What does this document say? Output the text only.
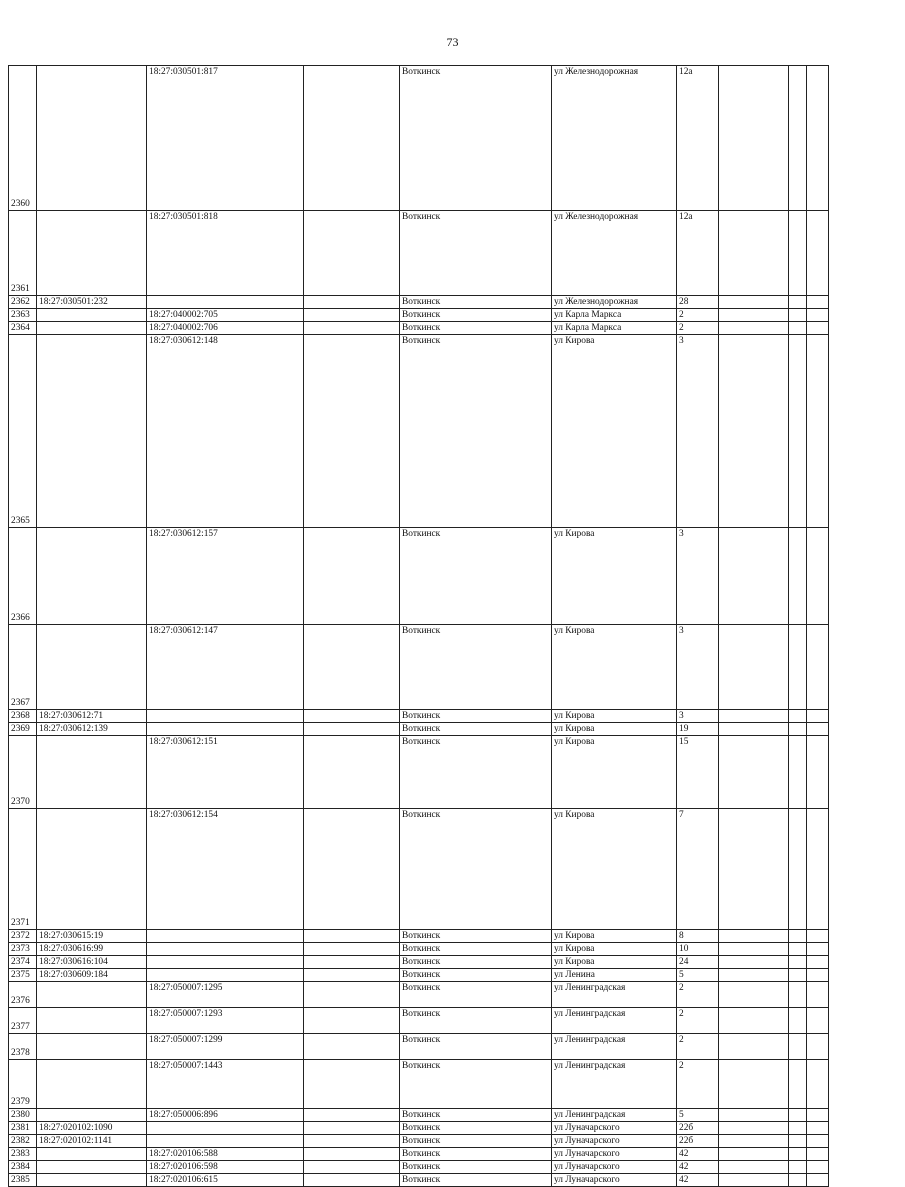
73
2360		18:27:030501:817		Воткинск	ул Железнодорожная	12а				
2361		18:27:030501:818		Воткинск	ул Железнодорожная	12а				
2362	18:27:030501:232			Воткинск	ул Железнодорожная	28				
2363		18:27:040002:705		Воткинск	ул Карла Маркса	2				
2364		18:27:040002:706		Воткинск	ул Карла Маркса	2				
2365		18:27:030612:148		Воткинск	ул Кирова	3				
2366		18:27:030612:157		Воткинск	ул Кирова	3				
2367		18:27:030612:147		Воткинск	ул Кирова	3				
2368	18:27:030612:71			Воткинск	ул Кирова	3				
2369	18:27:030612:139			Воткинск	ул Кирова	19				
2370		18:27:030612:151		Воткинск	ул Кирова	15				
2371		18:27:030612:154		Воткинск	ул Кирова	7				
2372	18:27:030615:19			Воткинск	ул Кирова	8				
2373	18:27:030616:99			Воткинск	ул Кирова	10				
2374	18:27:030616:104			Воткинск	ул Кирова	24				
2375	18:27:030609:184			Воткинск	ул Ленина	5				
2376		18:27:050007:1295		Воткинск	ул Ленинградская	2				
2377		18:27:050007:1293		Воткинск	ул Ленинградская	2				
2378		18:27:050007:1299		Воткинск	ул Ленинградская	2				
2379		18:27:050007:1443		Воткинск	ул Ленинградская	2				
2380		18:27:050006:896		Воткинск	ул Ленинградская	5				
2381	18:27:020102:1090			Воткинск	ул Луначарского	22б				
2382	18:27:020102:1141			Воткинск	ул Луначарского	22б				
2383		18:27:020106:588		Воткинск	ул Луначарского	42				
2384		18:27:020106:598		Воткинск	ул Луначарского	42				
2385		18:27:020106:615		Воткинск	ул Луначарского	42				
